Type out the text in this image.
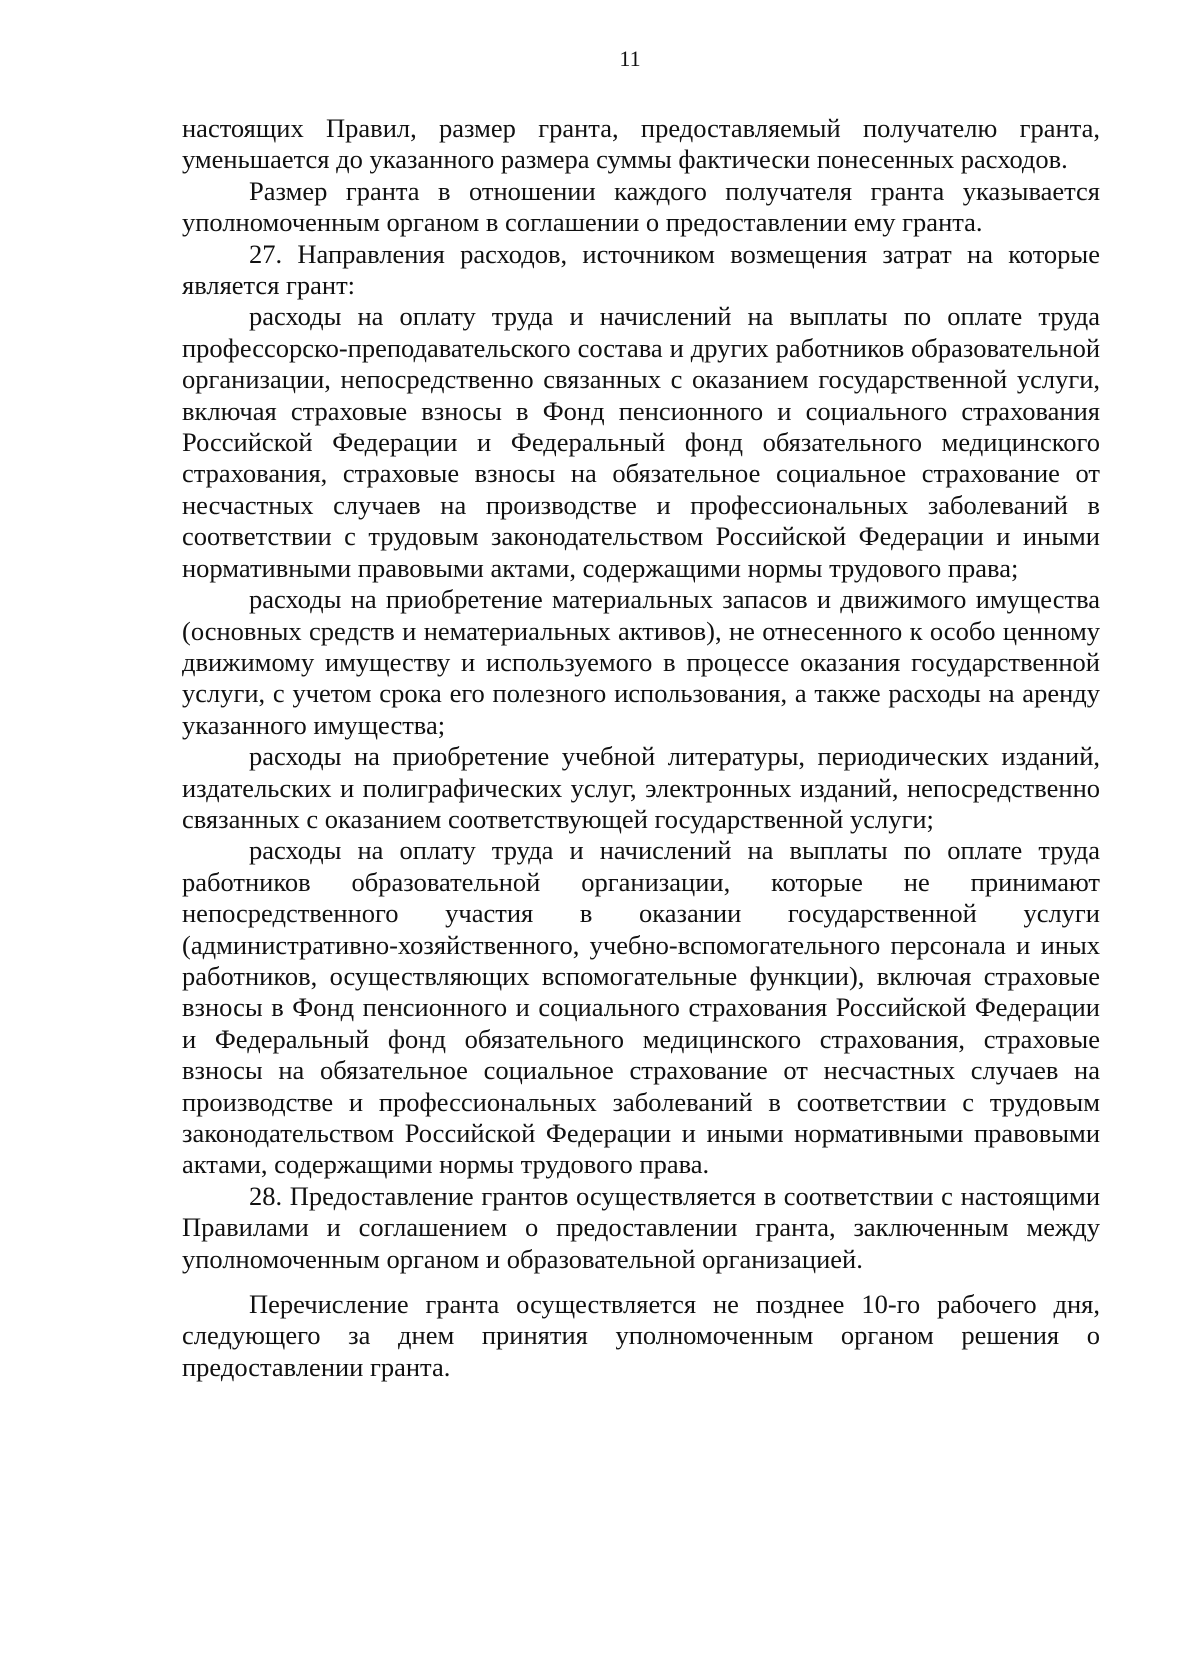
11

настоящих Правил, размер гранта, предоставляемый получателю гранта, уменьшается до указанного размера суммы фактически понесенных расходов.

Размер гранта в отношении каждого получателя гранта указывается уполномоченным органом в соглашении о предоставлении ему гранта.

27. Направления расходов, источником возмещения затрат на которые является грант:

расходы на оплату труда и начислений на выплаты по оплате труда профессорско-преподавательского состава и других работников образовательной организации, непосредственно связанных с оказанием государственной услуги, включая страховые взносы в Фонд пенсионного и социального страхования Российской Федерации и Федеральный фонд обязательного медицинского страхования, страховые взносы на обязательное социальное страхование от несчастных случаев на производстве и профессиональных заболеваний в соответствии с трудовым законодательством Российской Федерации и иными нормативными правовыми актами, содержащими нормы трудового права;

расходы на приобретение материальных запасов и движимого имущества (основных средств и нематериальных активов), не отнесенного к особо ценному движимому имуществу и используемого в процессе оказания государственной услуги, с учетом срока его полезного использования, а также расходы на аренду указанного имущества;

расходы на приобретение учебной литературы, периодических изданий, издательских и полиграфических услуг, электронных изданий, непосредственно связанных с оказанием соответствующей государственной услуги;

расходы на оплату труда и начислений на выплаты по оплате труда работников образовательной организации, которые не принимают непосредственного участия в оказании государственной услуги (административно-хозяйственного, учебно-вспомогательного персонала и иных работников, осуществляющих вспомогательные функции), включая страховые взносы в Фонд пенсионного и социального страхования Российской Федерации и Федеральный фонд обязательного медицинского страхования, страховые взносы на обязательное социальное страхование от несчастных случаев на производстве и профессиональных заболеваний в соответствии с трудовым законодательством Российской Федерации и иными нормативными правовыми актами, содержащими нормы трудового права.

28. Предоставление грантов осуществляется в соответствии с настоящими Правилами и соглашением о предоставлении гранта, заключенным между уполномоченным органом и образовательной организацией.

Перечисление гранта осуществляется не позднее 10-го рабочего дня, следующего за днем принятия уполномоченным органом решения о предоставлении гранта.
